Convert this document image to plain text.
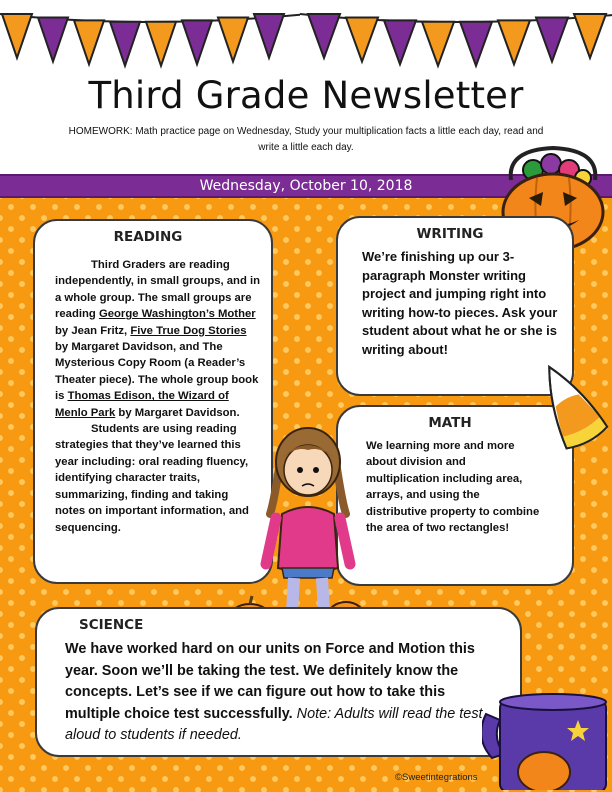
Third Grade Newsletter
HOMEWORK: Math practice page on Wednesday, Study your multiplication facts a little each day, read and write a little each day.
Wednesday, October 10, 2018
READING
Third Graders are reading independently, in small groups, and in a whole group. The small groups are reading George Washington’s Mother by Jean Fritz, Five True Dog Stories by Margaret Davidson, and The Mysterious Copy Room (a Reader’s Theater piece). The whole group book is Thomas Edison, the Wizard of Menlo Park by Margaret Davidson.
Students are using reading strategies that they’ve learned this year including: oral reading fluency, identifying character traits, summarizing, finding and taking notes on important information, and sequencing.
WRITING
We’re finishing up our 3-paragraph Monster writing project and jumping right into writing how-to pieces. Ask your student about what he or she is writing about!
MATH
We learning more and more about division and multiplication including area, arrays, and using the distributive property to combine the area of two rectangles!
SCIENCE
We have worked hard on our units on Force and Motion this year. Soon we’ll be taking the test. We definitely know the concepts. Let’s see if we can figure out how to take this multiple choice test successfully. Note: Adults will read the test aloud to students if needed.
©Sweetintegrations
